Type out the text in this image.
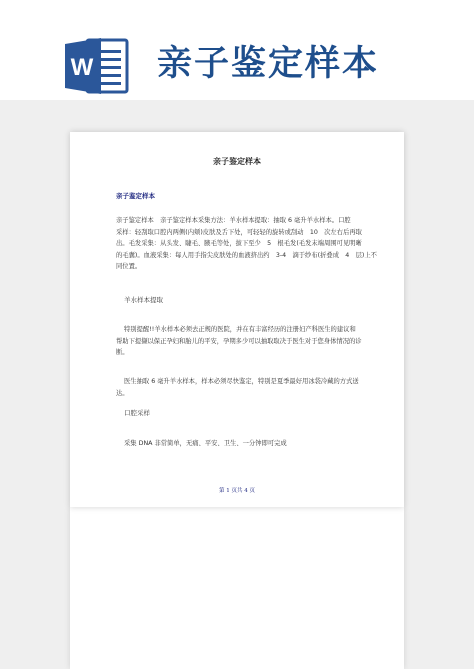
W 亲子鉴定样本
亲子鉴定样本
亲子鉴定样本
亲子鉴定样本　亲子鉴定样本采集方法：羊水样本提取：抽取 6 毫升羊水样本。口腔
采样：轻刮取口腔内两侧(内颊)皮肤及舌下处，可轻轻的旋转或刮动　10　次左右后再取
出。毛发采集：从头发、睫毛、腋毛等处，拔下至少　5　根毛发(毛发末端周围可见明晰
的毛囊)。血液采集：每人用手指尖皮肤处的血液挤出约　3-4　滴于纱布(折叠成　4　层)上不
同位置。
羊水样本提取
特别提醒!!羊水样本必须去正规的医院，并在有丰富经历的注册妇产科医生的建议和
帮助下提撷以保正孕妇和胎儿的平安，孕期多少可以抽取取决于医生对于您身体情况的诊
断。
医生抽取 6 毫升羊水样本，样本必须尽快鉴定，特别是夏季最好用冰袋冷藏的方式送
达。
口腔采样
采集 DNA 非常简单，无痛、平安、卫生、一分钟即可完成
第 1 页共 4 页
